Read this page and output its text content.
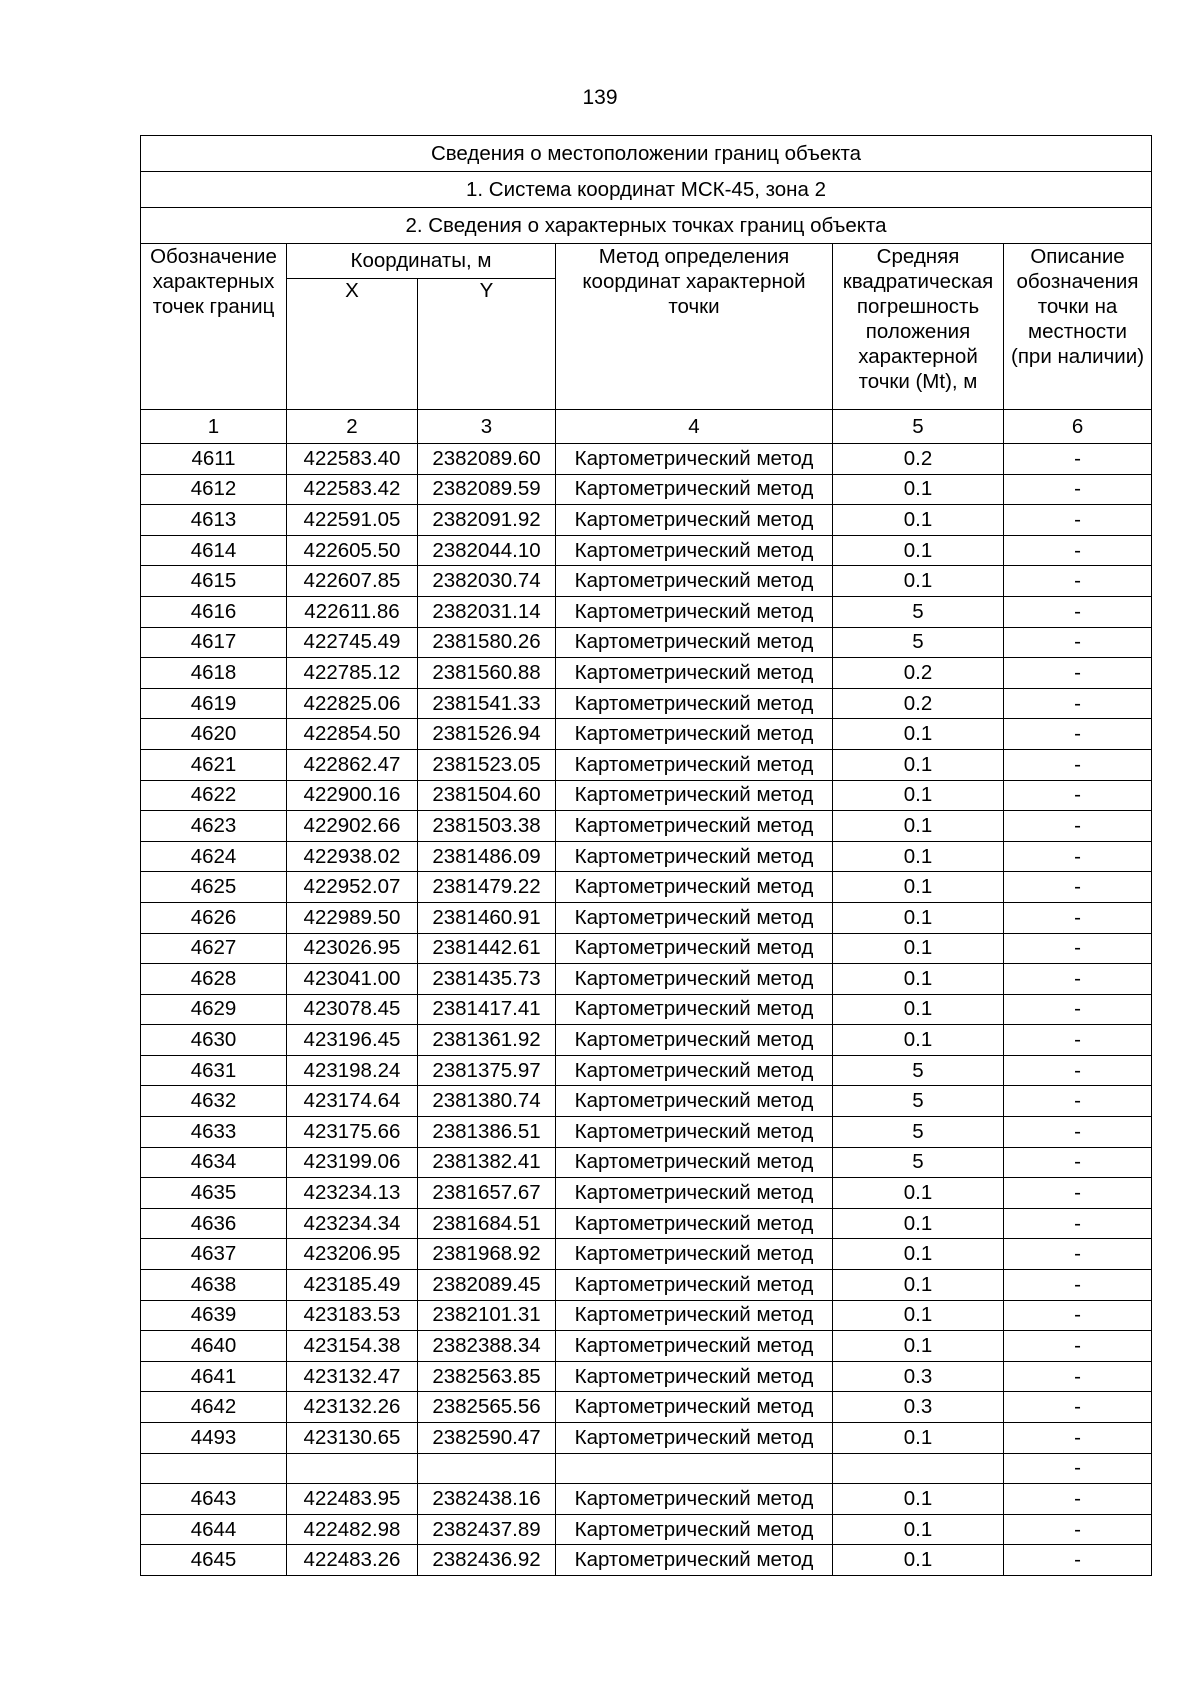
139
Сведения о местоположении границ объекта					
1. Система координат МСК-45, зона 2					
2. Сведения о характерных точках границ объекта					
Обозначение характерных точек границ	Координаты, м		Метод определения координат характерной точки	Средняя квадратическая погрешность положения характерной точки (Mt), м	Описание обозначения точки на местности (при наличии)
	X	Y			
1	2	3	4	5	6
4611	422583.40	2382089.60	Картометрический метод	0.2	-
4612	422583.42	2382089.59	Картометрический метод	0.1	-
4613	422591.05	2382091.92	Картометрический метод	0.1	-
4614	422605.50	2382044.10	Картометрический метод	0.1	-
4615	422607.85	2382030.74	Картометрический метод	0.1	-
4616	422611.86	2382031.14	Картометрический метод	5	-
4617	422745.49	2381580.26	Картометрический метод	5	-
4618	422785.12	2381560.88	Картометрический метод	0.2	-
4619	422825.06	2381541.33	Картометрический метод	0.2	-
4620	422854.50	2381526.94	Картометрический метод	0.1	-
4621	422862.47	2381523.05	Картометрический метод	0.1	-
4622	422900.16	2381504.60	Картометрический метод	0.1	-
4623	422902.66	2381503.38	Картометрический метод	0.1	-
4624	422938.02	2381486.09	Картометрический метод	0.1	-
4625	422952.07	2381479.22	Картометрический метод	0.1	-
4626	422989.50	2381460.91	Картометрический метод	0.1	-
4627	423026.95	2381442.61	Картометрический метод	0.1	-
4628	423041.00	2381435.73	Картометрический метод	0.1	-
4629	423078.45	2381417.41	Картометрический метод	0.1	-
4630	423196.45	2381361.92	Картометрический метод	0.1	-
4631	423198.24	2381375.97	Картометрический метод	5	-
4632	423174.64	2381380.74	Картометрический метод	5	-
4633	423175.66	2381386.51	Картометрический метод	5	-
4634	423199.06	2381382.41	Картометрический метод	5	-
4635	423234.13	2381657.67	Картометрический метод	0.1	-
4636	423234.34	2381684.51	Картометрический метод	0.1	-
4637	423206.95	2381968.92	Картометрический метод	0.1	-
4638	423185.49	2382089.45	Картометрический метод	0.1	-
4639	423183.53	2382101.31	Картометрический метод	0.1	-
4640	423154.38	2382388.34	Картометрический метод	0.1	-
4641	423132.47	2382563.85	Картометрический метод	0.3	-
4642	423132.26	2382565.56	Картометрический метод	0.3	-
4493	423130.65	2382590.47	Картометрический метод	0.1	-
					-
4643	422483.95	2382438.16	Картометрический метод	0.1	-
4644	422482.98	2382437.89	Картометрический метод	0.1	-
4645	422483.26	2382436.92	Картометрический метод	0.1	-
